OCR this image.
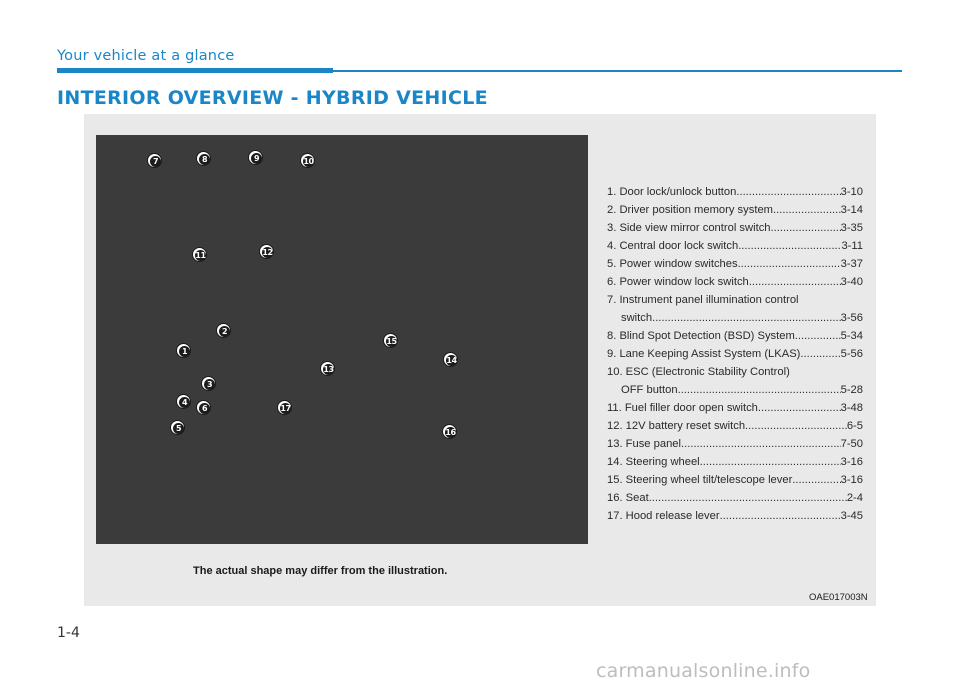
Your vehicle at a glance
INTERIOR OVERVIEW - HYBRID VEHICLE
7	8	9	10
11	12
2
1
15
14
13
3
4
6	17
5	16
1. Door lock/unlock button .....	3-10
2. Driver position memory system .....	3-14
3. Side view mirror control switch .....	3-35
4. Central door lock switch .....	3-11
5. Power window switches .....	3-37
6. Power window lock switch .....	3-40
7. Instrument panel illumination control
switch .....	3-56
8. Blind Spot Detection (BSD) System .....	5-34
9. Lane Keeping Assist System (LKAS) .....	5-56
10. ESC (Electronic Stability Control)
OFF button .....	5-28
11. Fuel filler door open switch .....	3-48
12. 12V battery reset switch .....	6-5
13. Fuse panel .....	7-50
14. Steering wheel .....	3-16
15. Steering wheel tilt/telescope lever .....	3-16
16. Seat .....	2-4
17. Hood release lever .....	3-45
The actual shape may differ from the illustration.
OAE017003N
1-4
carmanualsonline.info
